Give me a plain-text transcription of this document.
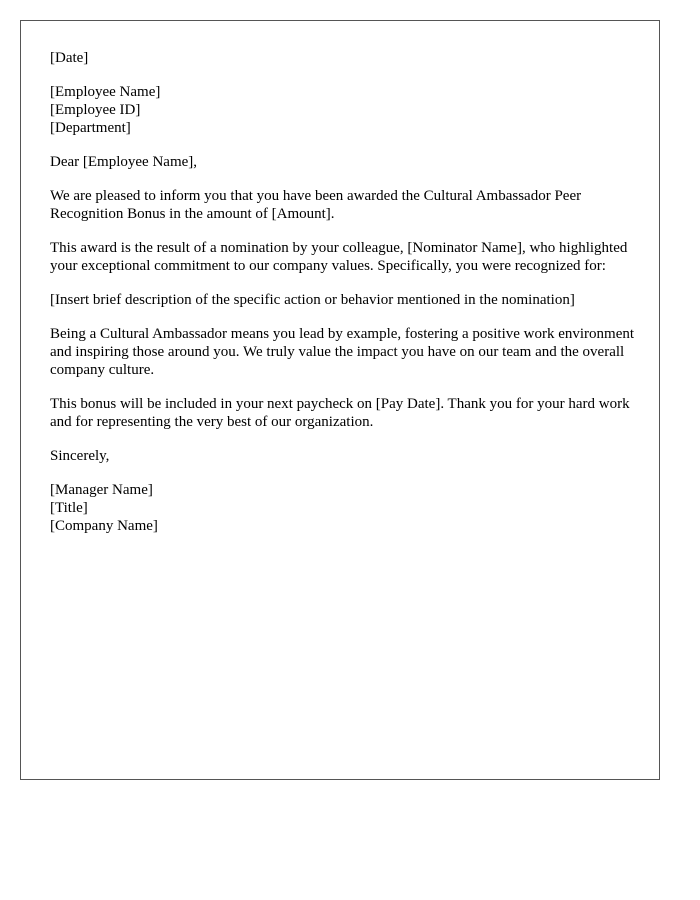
[Date]
[Employee Name]
[Employee ID]
[Department]
Dear [Employee Name],

We are pleased to inform you that you have been awarded the Cultural Ambassador Peer Recognition Bonus in the amount of [Amount].

This award is the result of a nomination by your colleague, [Nominator Name], who highlighted your exceptional commitment to our company values. Specifically, you were recognized for:

[Insert brief description of the specific action or behavior mentioned in the nomination]

Being a Cultural Ambassador means you lead by example, fostering a positive work environment and inspiring those around you. We truly value the impact you have on our team and the overall company culture.

This bonus will be included in your next paycheck on [Pay Date]. Thank you for your hard work and for representing the very best of our organization.

Sincerely,
[Manager Name]
[Title]
[Company Name]
